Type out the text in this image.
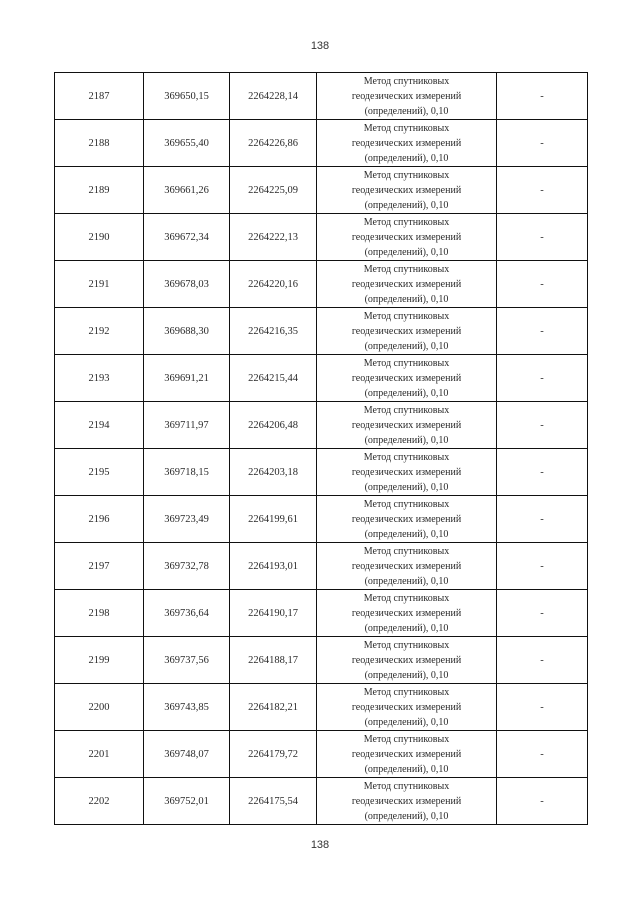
138
2187	369650,15	2264228,14	Метод спутниковых
геодезических измерений
(определений), 0,10	-
2188	369655,40	2264226,86	Метод спутниковых
геодезических измерений
(определений), 0,10	-
2189	369661,26	2264225,09	Метод спутниковых
геодезических измерений
(определений), 0,10	-
2190	369672,34	2264222,13	Метод спутниковых
геодезических измерений
(определений), 0,10	-
2191	369678,03	2264220,16	Метод спутниковых
геодезических измерений
(определений), 0,10	-
2192	369688,30	2264216,35	Метод спутниковых
геодезических измерений
(определений), 0,10	-
2193	369691,21	2264215,44	Метод спутниковых
геодезических измерений
(определений), 0,10	-
2194	369711,97	2264206,48	Метод спутниковых
геодезических измерений
(определений), 0,10	-
2195	369718,15	2264203,18	Метод спутниковых
геодезических измерений
(определений), 0,10	-
2196	369723,49	2264199,61	Метод спутниковых
геодезических измерений
(определений), 0,10	-
2197	369732,78	2264193,01	Метод спутниковых
геодезических измерений
(определений), 0,10	-
2198	369736,64	2264190,17	Метод спутниковых
геодезических измерений
(определений), 0,10	-
2199	369737,56	2264188,17	Метод спутниковых
геодезических измерений
(определений), 0,10	-
2200	369743,85	2264182,21	Метод спутниковых
геодезических измерений
(определений), 0,10	-
2201	369748,07	2264179,72	Метод спутниковых
геодезических измерений
(определений), 0,10	-
2202	369752,01	2264175,54	Метод спутниковых
геодезических измерений
(определений), 0,10	-
138
